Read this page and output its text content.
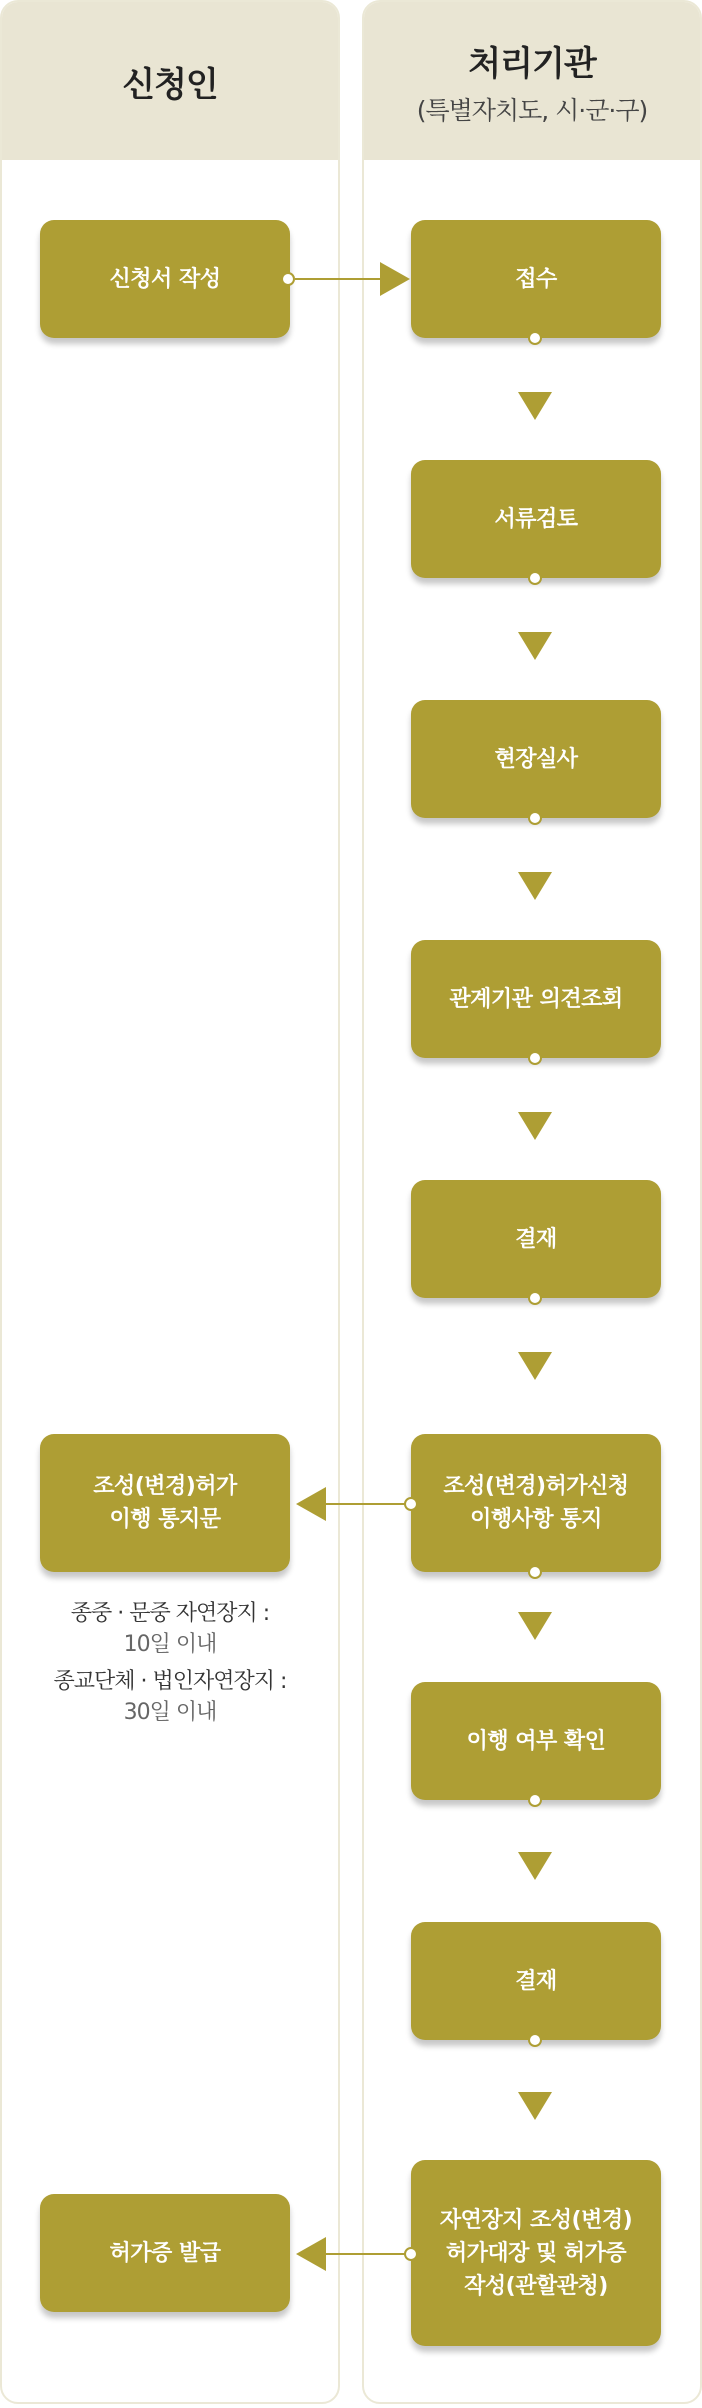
신청인
처리기관
(특별자치도, 시·군·구)
신청서 작성
조성(변경)허가
이행 통지문
허가증 발급
종중 · 문중 자연장지 :
10일 이내
종교단체 · 법인자연장지 :
30일 이내
접수
서류검토
현장실사
관계기관 의견조회
결재
조성(변경)허가신청
이행사항 통지
이행 여부 확인
결재
자연장지 조성(변경)
허가대장 및 허가증
작성(관할관청)
